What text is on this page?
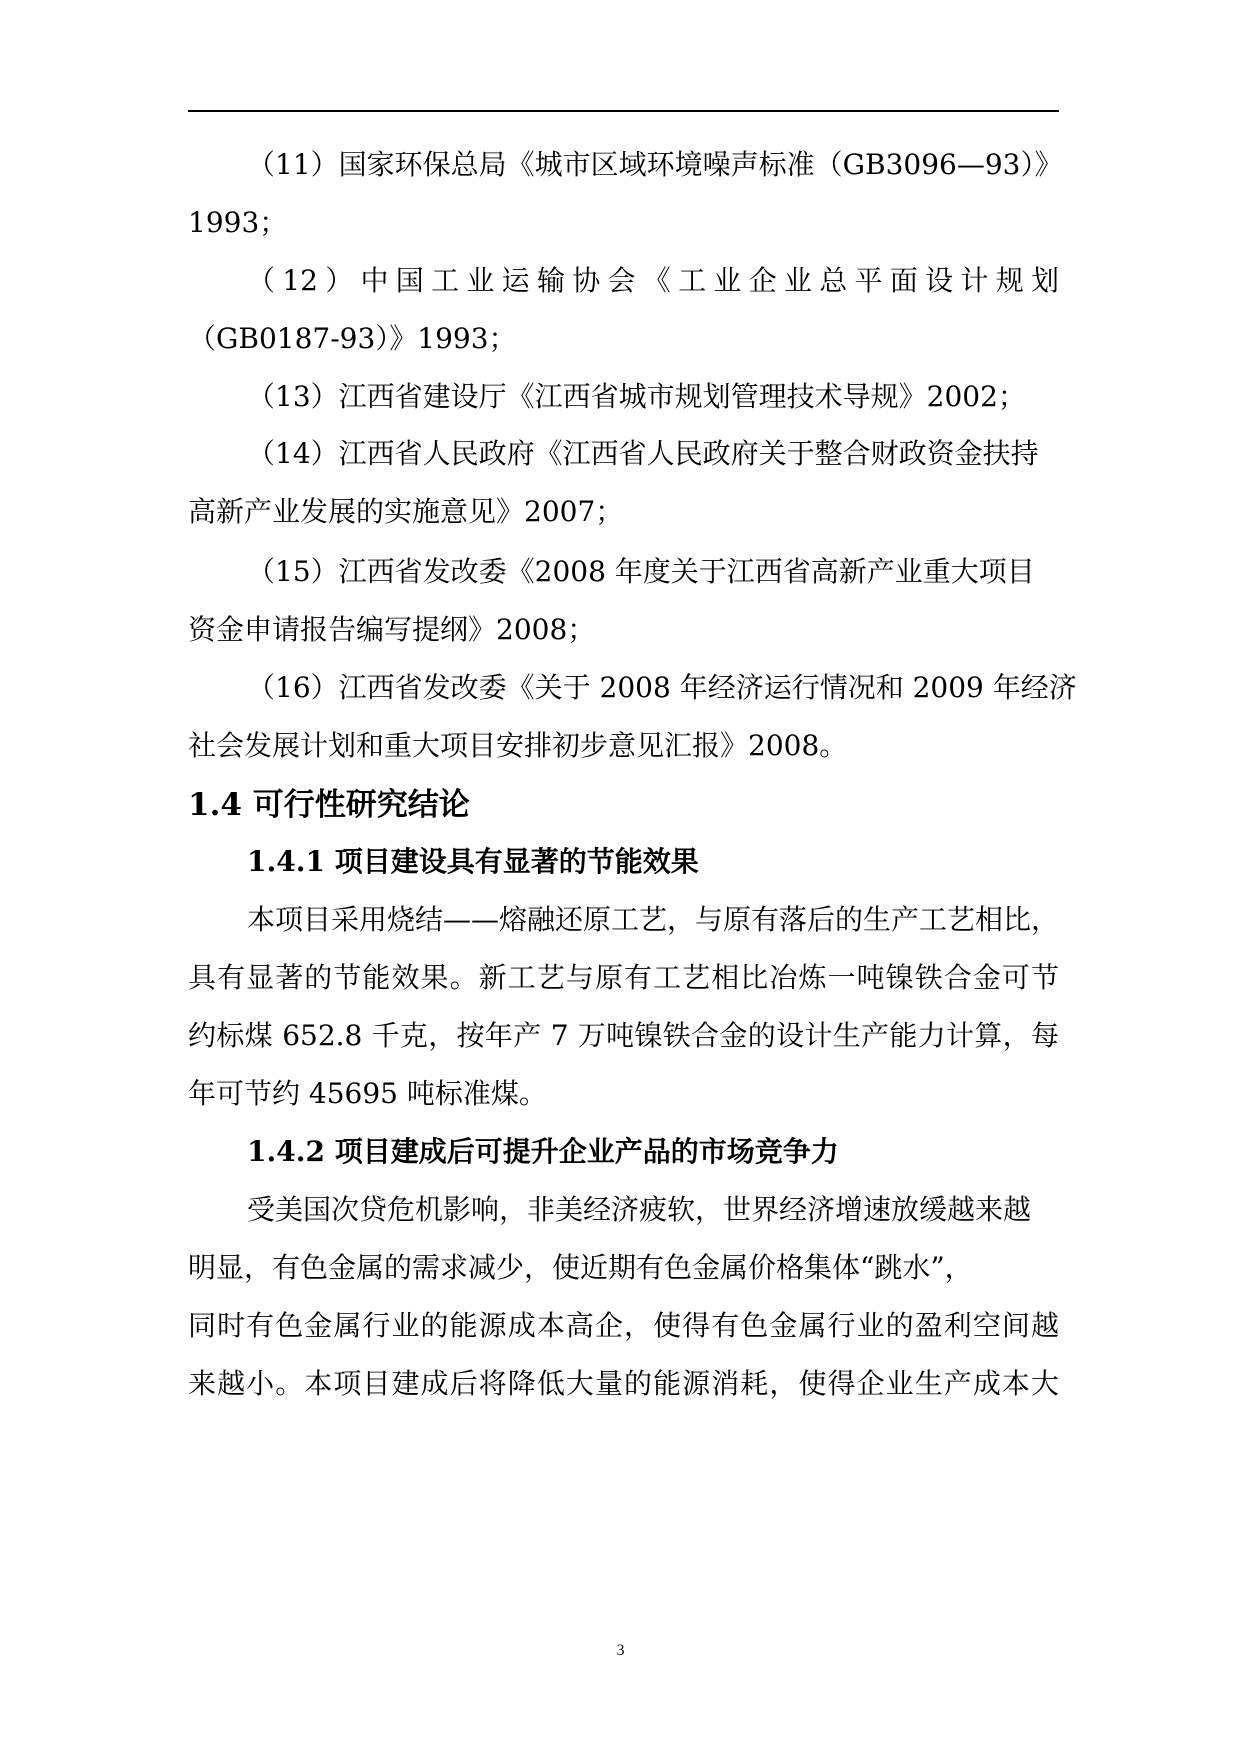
（11）国家环保总局《城市区域环境噪声标准（GB3096—93）》
1993；
（12）中国工业运输协会《工业企业总平面设计规划
（GB0187-93）》1993；
（13）江西省建设厅《江西省城市规划管理技术导规》2002；
（14）江西省人民政府《江西省人民政府关于整合财政资金扶持
高新产业发展的实施意见》2007；
（15）江西省发改委《2008 年度关于江西省高新产业重大项目
资金申请报告编写提纲》2008；
（16）江西省发改委《关于 2008 年经济运行情况和 2009 年经济
社会发展计划和重大项目安排初步意见汇报》2008。
1.4 可行性研究结论
1.4.1 项目建设具有显著的节能效果
本项目采用烧结——熔融还原工艺，与原有落后的生产工艺相比，
具有显著的节能效果。新工艺与原有工艺相比冶炼一吨镍铁合金可节
约标煤 652.8 千克，按年产 7 万吨镍铁合金的设计生产能力计算，每
年可节约 45695 吨标准煤。
1.4.2 项目建成后可提升企业产品的市场竞争力
受美国次贷危机影响，非美经济疲软，世界经济增速放缓越来越
明显，有色金属的需求减少，使近期有色金属价格集体“跳水”，
同时有色金属行业的能源成本高企，使得有色金属行业的盈利空间越
来越小。本项目建成后将降低大量的能源消耗，使得企业生产成本大
3
